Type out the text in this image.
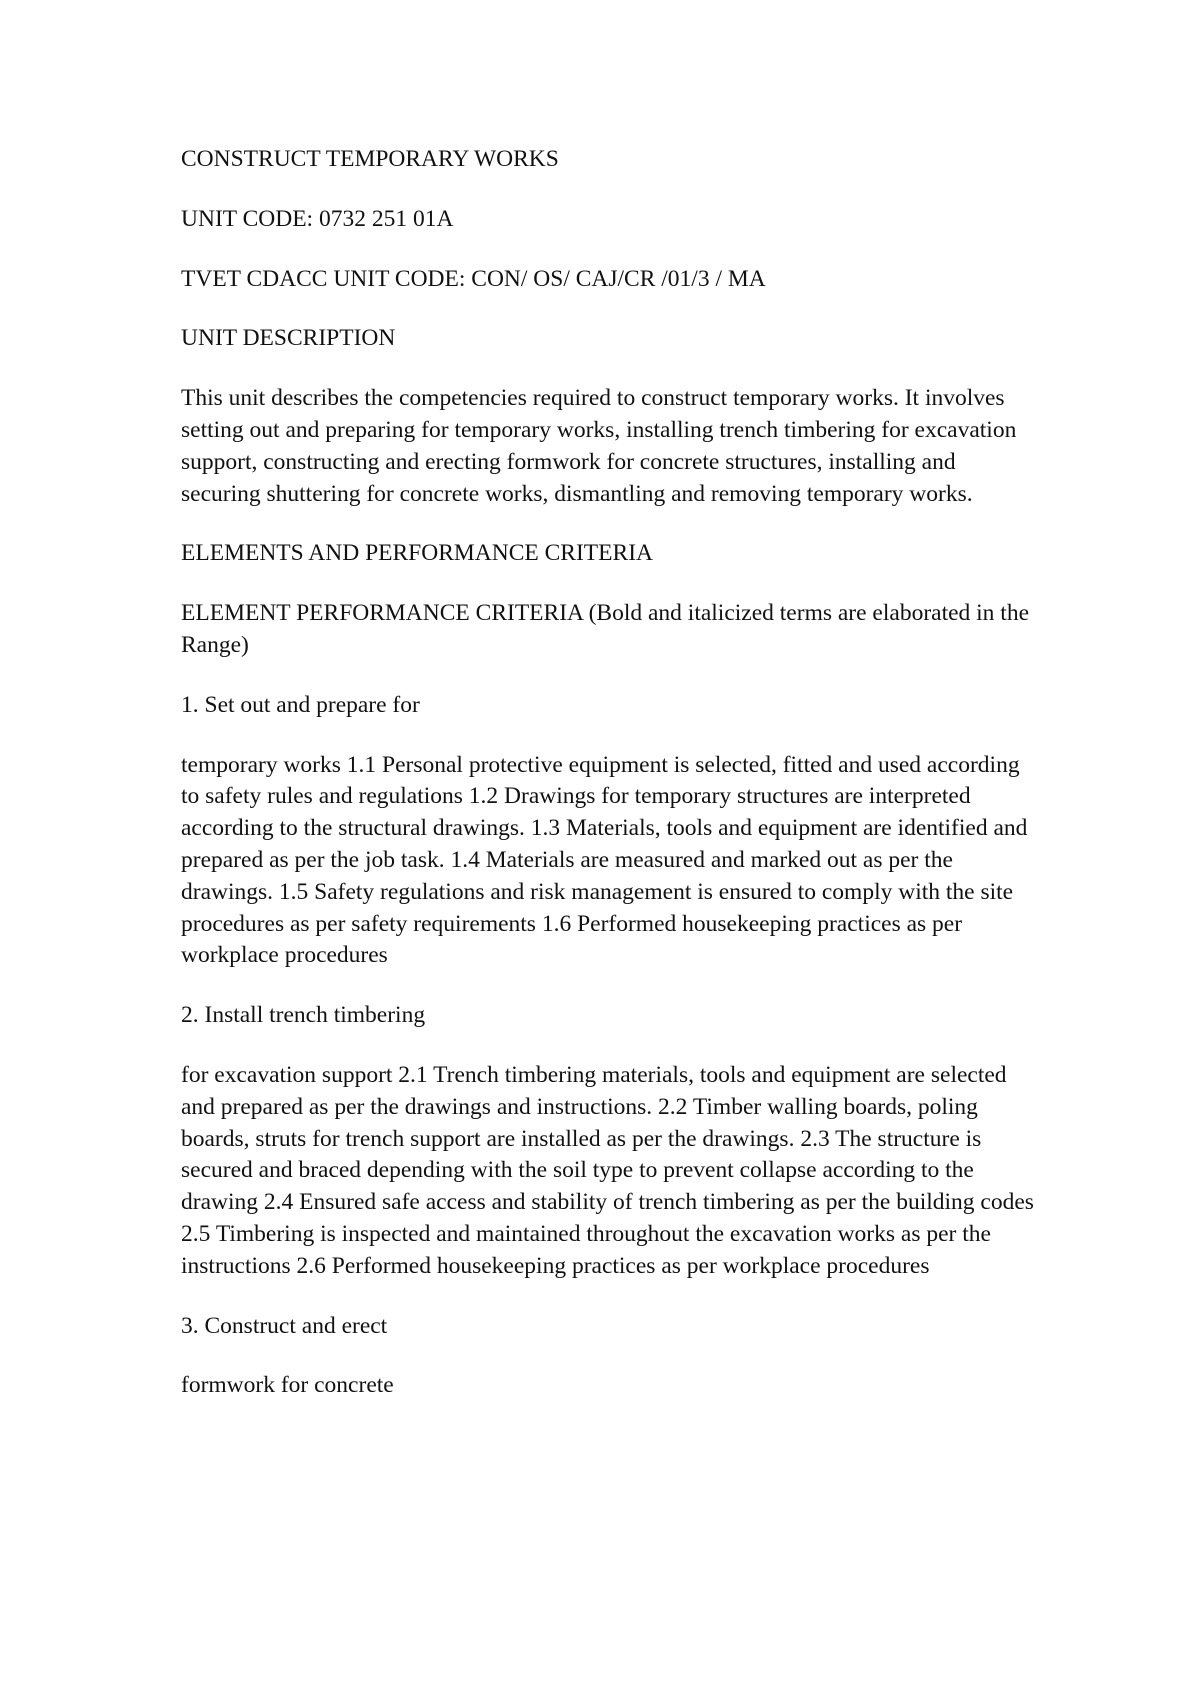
CONSTRUCT TEMPORARY WORKS

UNIT CODE: 0732 251 01A

TVET CDACC UNIT CODE: CON/ OS/ CAJ/CR /01/3 / MA

UNIT DESCRIPTION

This unit describes the competencies required to construct temporary works. It involves setting out and preparing for temporary works, installing trench timbering for excavation support, constructing and erecting formwork for concrete structures, installing and securing shuttering for concrete works, dismantling and removing temporary works.

ELEMENTS AND PERFORMANCE CRITERIA

ELEMENT PERFORMANCE CRITERIA (Bold and italicized terms are elaborated in the Range)

1. Set out and prepare for

temporary works 1.1 Personal protective equipment is selected, fitted and used according to safety rules and regulations 1.2 Drawings for temporary structures are interpreted according to the structural drawings. 1.3 Materials, tools and equipment are identified and prepared as per the job task. 1.4 Materials are measured and marked out as per the drawings. 1.5 Safety regulations and risk management is ensured to comply with the site procedures as per safety requirements 1.6 Performed housekeeping practices as per workplace procedures

2. Install trench timbering

for excavation support 2.1 Trench timbering materials, tools and equipment are selected and prepared as per the drawings and instructions. 2.2 Timber walling boards, poling boards, struts for trench support are installed as per the drawings. 2.3 The structure is secured and braced depending with the soil type to prevent collapse according to the drawing 2.4 Ensured safe access and stability of trench timbering as per the building codes 2.5 Timbering is inspected and maintained throughout the excavation works as per the instructions 2.6 Performed housekeeping practices as per workplace procedures

3. Construct and erect

formwork for concrete
